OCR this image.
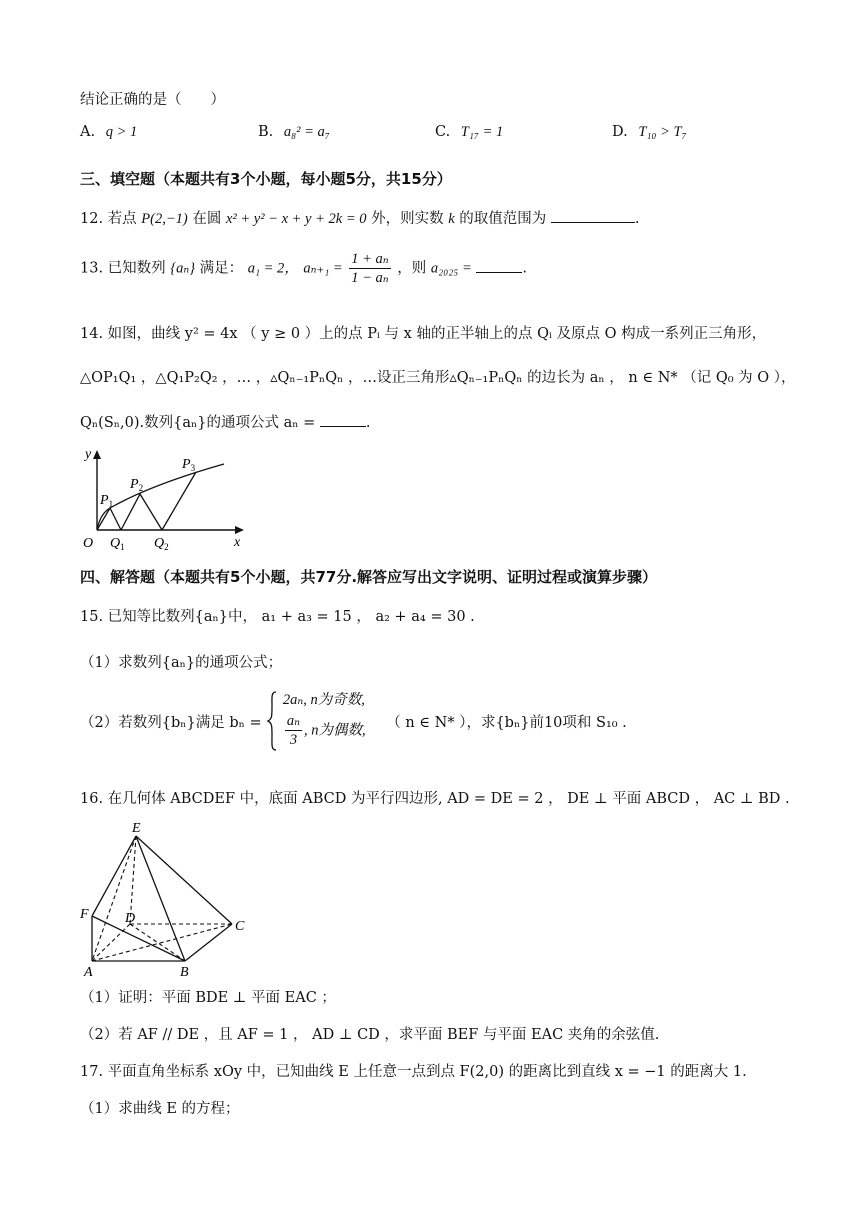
结论正确的是（　　）
A. q > 1	B. a₈² = a₇	C. T₁₇ = 1	D. T₁₀ > T₇
三、填空题（本题共有3个小题，每小题5分，共15分）
12. 若点 P(2,−1) 在圆 x² + y² − x + y + 2k = 0 外，则实数 k 的取值范围为	.
13. 已知数列 {aₙ} 满足： a₁ = 2， $a_{n+1} = \frac{\text{1 + aₙ}}{\text{1 − aₙ}}$ ，则 a₂₀₂₅ =	.
14. 如图，曲线 y² = 4x （ y ≥ 0 ）上的点 Pᵢ 与 x 轴的正半轴上的点 Qᵢ 及原点 O 构成一系列正三角形，
△OP₁Q₁ ，△Q₁P₂Q₂ ，… ，▵Qₙ₋₁PₙQₙ ，…设正三角形▵Qₙ₋₁PₙQₙ 的边长为 aₙ ， n ∈ N* （记 Q₀ 为 O ），
Qₙ(Sₙ,0).数列{aₙ}的通项公式 aₙ =	.
y
x
O
$P_1$
$P_2$
$P_3$
$Q_1$ $Q_2$
四、解答题（本题共有5个小题，共77分.解答应写出文字说明、证明过程或演算步骤）
15. 已知等比数列{aₙ}中， a₁ + a₃ = 15 ， a₂ + a₄ = 30 .
（1）求数列{aₙ}的通项公式；
（2）若数列{bₙ}满足 bₙ =
2aₙ, n为奇数,
$\frac{\text{aₙ}}{3}$ , n为偶数, （ n ∈ N* ），求{bₙ}前10项和 S₁₀ .
16. 在几何体 ABCDEF 中，底面 ABCD 为平行四边形, AD = DE = 2 ， DE ⊥ 平面 ABCD ， AC ⊥ BD .
E
F	D
C
A	B
（1）证明：平面 BDE ⊥ 平面 EAC ；
（2）若 AF // DE ，且 AF = 1 ， AD ⊥ CD ，求平面 BEF 与平面 EAC 夹角的余弦值.
17. 平面直角坐标系 xOy 中，已知曲线 E 上任意一点到点 F(2,0) 的距离比到直线 x = −1 的距离大 1.
（1）求曲线 E 的方程；
